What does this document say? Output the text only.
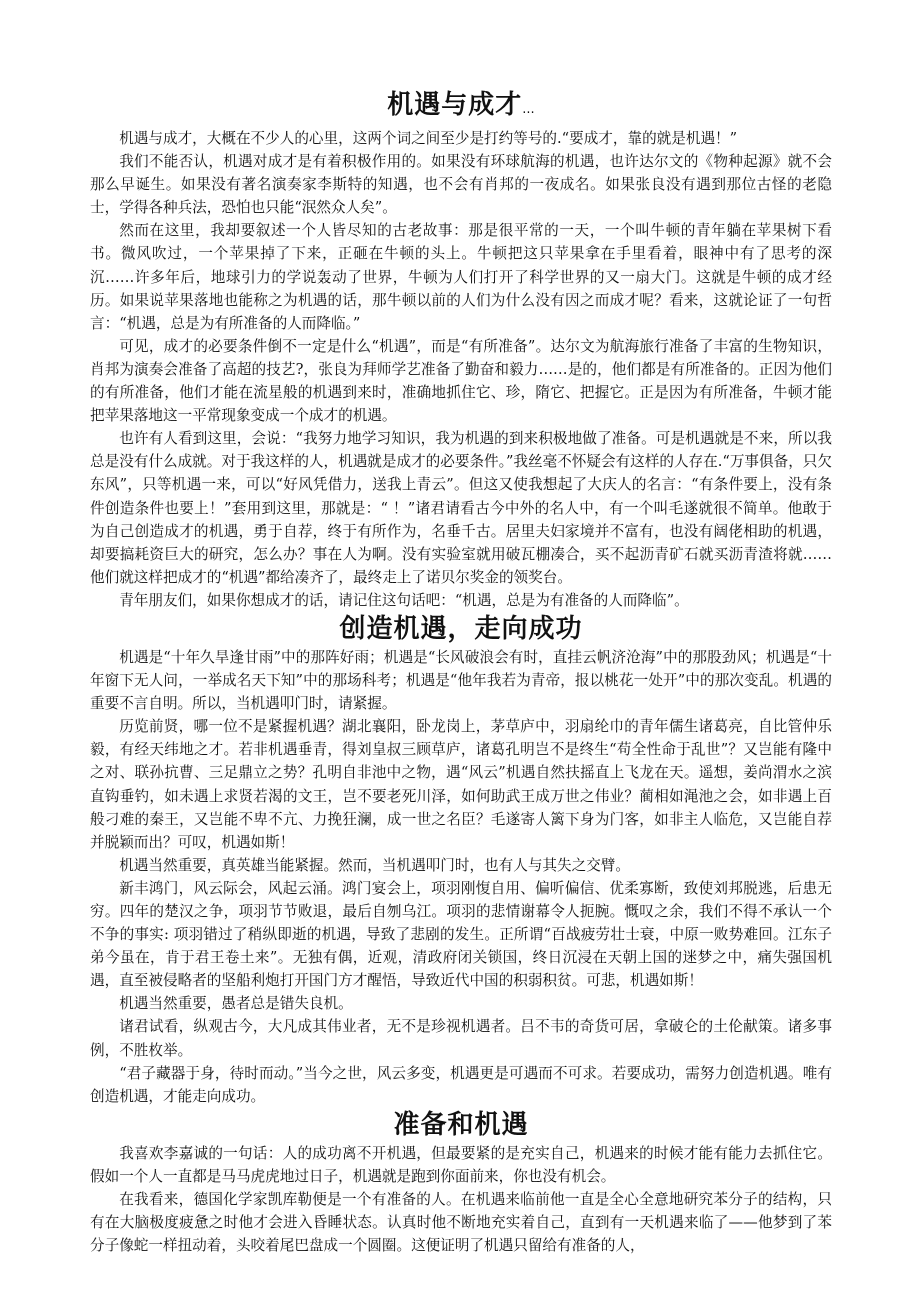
机遇与成才...

机遇与成才，大概在不少人的心里，这两个词之间至少是打约等号的.“要成才，靠的就是机遇！”

我们不能否认，机遇对成才是有着积极作用的。如果没有环球航海的机遇，也许达尔文的《物种起源》就不会那么早诞生。如果没有著名演奏家李斯特的知遇，也不会有肖邦的一夜成名。如果张良没有遇到那位古怪的老隐士，学得各种兵法，恐怕也只能“泯然众人矣”。

然而在这里，我却要叙述一个人皆尽知的古老故事：那是很平常的一天，一个叫牛顿的青年躺在苹果树下看书。微风吹过，一个苹果掉了下来，正砸在牛顿的头上。牛顿把这只苹果拿在手里看着，眼神中有了思考的深沉……许多年后，地球引力的学说轰动了世界，牛顿为人们打开了科学世界的又一扇大门。这就是牛顿的成才经历。如果说苹果落地也能称之为机遇的话，那牛顿以前的人们为什么没有因之而成才呢？看来，这就论证了一句哲言：“机遇，总是为有所准备的人而降临。”

可见，成才的必要条件倒不一定是什么“机遇”，而是“有所准备”。达尔文为航海旅行准备了丰富的生物知识，肖邦为演奏会准备了高超的技艺?，张良为拜师学艺准备了勤奋和毅力……是的，他们都是有所准备的。正因为他们的有所准备，他们才能在流星般的机遇到来时，准确地抓住它、珍，隋它、把握它。正是因为有所准备，牛顿才能把苹果落地这一平常现象变成一个成才的机遇。

也许有人看到这里，会说：“我努力地学习知识，我为机遇的到来积极地做了准备。可是机遇就是不来，所以我总是没有什么成就。对于我这样的人，机遇就是成才的必要条件。”我丝毫不怀疑会有这样的人存在.“万事俱备，只欠东风”，只等机遇一来，可以“好风凭借力，送我上青云”。但这又使我想起了大庆人的名言：“有条件要上，没有条件创造条件也要上！”套用到这里，那就是：“ ！”诸君请看古今中外的名人中，有一个叫毛遂就很不简单。他敢于为自己创造成才的机遇，勇于自荐，终于有所作为，名垂千古。居里夫妇家境并不富有，也没有阔佬相助的机遇，却要搞耗资巨大的研究，怎么办？事在人为啊。没有实验室就用破瓦棚凑合，买不起沥青矿石就买沥青渣将就……他们就这样把成才的“机遇”都给凑齐了，最终走上了诺贝尔奖金的领奖台。

青年朋友们，如果你想成才的话，请记住这句话吧：“机遇，总是为有准备的人而降临”。

创造机遇，走向成功

机遇是“十年久旱逢甘雨”中的那阵好雨；机遇是“长风破浪会有时，直挂云帆济沧海”中的那股劲风；机遇是“十年窗下无人问，一举成名天下知”中的那场科考；机遇是“他年我若为青帝，报以桃花一处开”中的那次变乱。机遇的重要不言自明。所以，当机遇叩门时，请紧握。

历览前贤，哪一位不是紧握机遇？湖北襄阳，卧龙岗上，茅草庐中，羽扇纶巾的青年儒生诸葛亮，自比管仲乐毅，有经天纬地之才。若非机遇垂青，得刘皇叔三顾草庐，诸葛孔明岂不是终生“苟全性命于乱世”？又岂能有隆中之对、联孙抗曹、三足鼎立之势？孔明自非池中之物，遇“风云”机遇自然扶摇直上飞龙在天。遥想，姜尚渭水之滨直钩垂钓，如未遇上求贤若渴的文王，岂不要老死川泽，如何助武王成万世之伟业？蔺相如渑池之会，如非遇上百般刁难的秦王，又岂能不卑不亢、力挽狂澜，成一世之名臣？毛遂寄人篱下身为门客，如非主人临危，又岂能自荐并脱颖而出？可叹，机遇如斯！

机遇当然重要，真英雄当能紧握。然而，当机遇叩门时，也有人与其失之交臂。

新丰鸿门，风云际会，风起云涌。鸿门宴会上，项羽刚愎自用、偏听偏信、优柔寡断，致使刘邦脱逃，后患无穷。四年的楚汉之争，项羽节节败退，最后自刎乌江。项羽的悲情谢幕令人扼腕。慨叹之余，我们不得不承认一个不争的事实: 项羽错过了稍纵即逝的机遇，导致了悲剧的发生。正所谓“百战疲劳壮士衰，中原一败势难回。江东子弟今虽在，肯于君王卷土来”。无独有偶，近观，清政府闭关锁国，终日沉浸在天朝上国的迷梦之中，痛失强国机遇，直至被侵略者的坚船利炮打开国门方才醒悟，导致近代中国的积弱积贫。可悲，机遇如斯！

机遇当然重要，愚者总是错失良机。

诸君试看，纵观古今，大凡成其伟业者，无不是珍视机遇者。吕不韦的奇货可居，拿破仑的土伦献策。诸多事例，不胜枚举。

“君子藏器于身，待时而动。”当今之世，风云多变，机遇更是可遇而不可求。若要成功，需努力创造机遇。唯有创造机遇，才能走向成功。

准备和机遇

我喜欢李嘉诚的一句话：人的成功离不开机遇，但最要紧的是充实自己，机遇来的时候才能有能力去抓住它。假如一个人一直都是马马虎虎地过日子，机遇就是跑到你面前来，你也没有机会。

在我看来，德国化学家凯库勒便是一个有准备的人。在机遇来临前他一直是全心全意地研究苯分子的结构，只有在大脑极度疲惫之时他才会进入昏睡状态。认真时他不断地充实着自己，直到有一天机遇来临了——他梦到了苯分子像蛇一样扭动着，头咬着尾巴盘成一个圆圈。这便证明了机遇只留给有准备的人，
